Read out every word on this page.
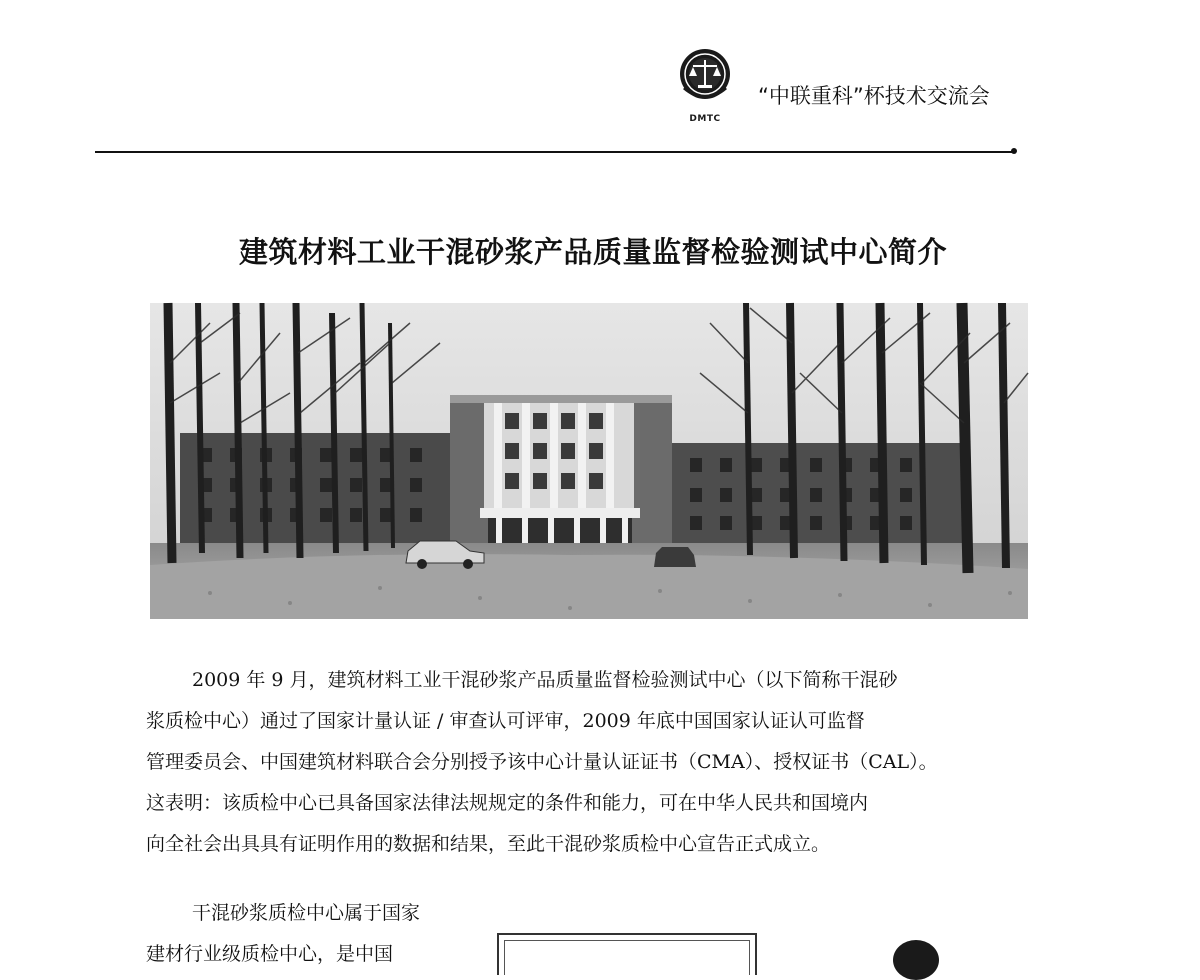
DMTC
“中联重科”杯技术交流会
建筑材料工业干混砂浆产品质量监督检验测试中心简介

2009 年 9 月，建筑材料工业干混砂浆产品质量监督检验测试中心（以下简称干混砂

浆质检中心）通过了国家计量认证 / 审查认可评审，2009 年底中国国家认证认可监督

管理委员会、中国建筑材料联合会分别授予该中心计量认证证书（CMA）、授权证书（CAL）。

这表明：该质检中心已具备国家法律法规规定的条件和能力，可在中华人民共和国境内

向全社会出具具有证明作用的数据和结果，至此干混砂浆质检中心宣告正式成立。

干混砂浆质检中心属于国家

建材行业级质检中心，是中国
